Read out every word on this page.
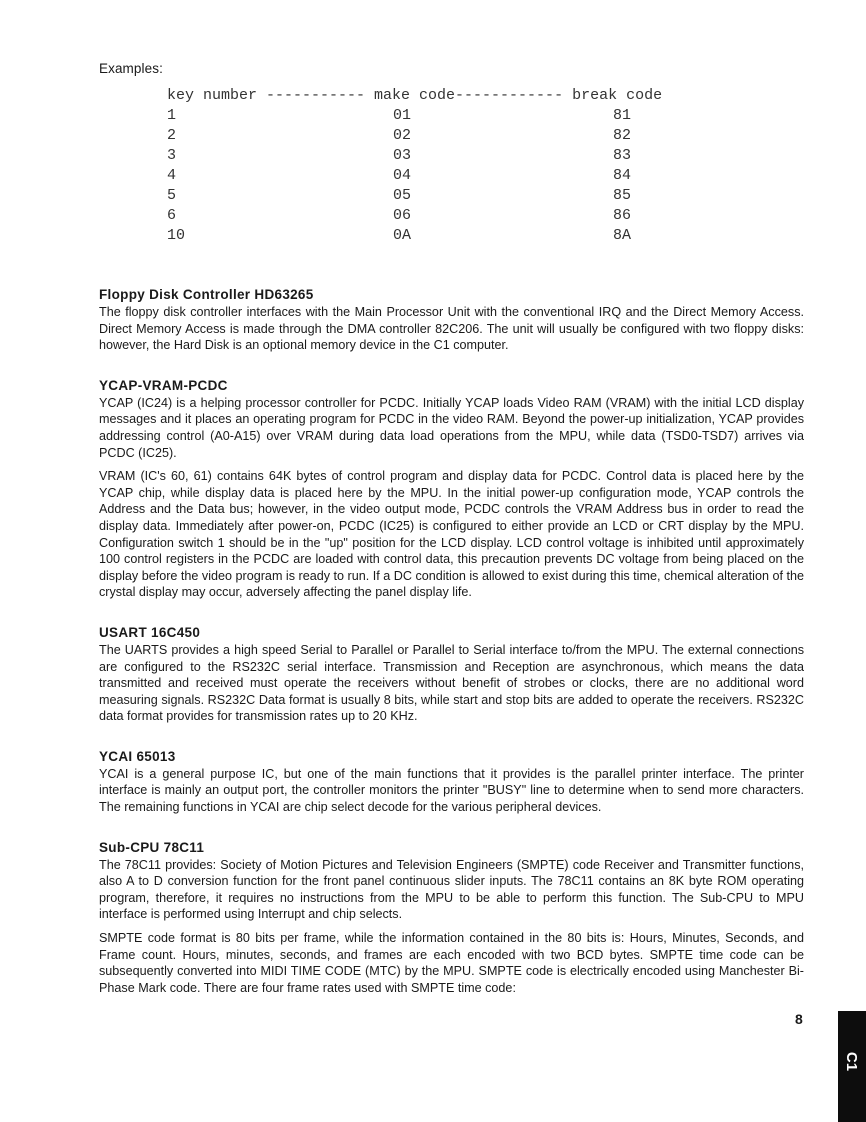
Examples:
key number ----------- make code------------ break code
1	01	81
2	02	82
3	03	83
4	04	84
5	05	85
6	06	86
10	0A	8A
Floppy Disk Controller HD63265

The floppy disk controller interfaces with the Main Processor Unit with the conventional IRQ and the Direct Memory Access. Direct Memory Access is made through the DMA controller 82C206. The unit will usually be configured with two floppy disks: however, the Hard Disk is an optional memory device in the C1 computer.

YCAP-VRAM-PCDC

YCAP (IC24) is a helping processor controller for PCDC. Initially YCAP loads Video RAM (VRAM) with the initial LCD display messages and it places an operating program for PCDC in the video RAM. Beyond the power-up initialization, YCAP provides addressing control (A0-A15) over VRAM during data load operations from the MPU, while data (TSD0-TSD7) arrives via PCDC (IC25).

VRAM (IC's 60, 61) contains 64K bytes of control program and display data for PCDC. Control data is placed here by the YCAP chip, while display data is placed here by the MPU. In the initial power-up configuration mode, YCAP controls the Address and the Data bus; however, in the video output mode, PCDC controls the VRAM Address bus in order to read the display data. Immediately after power-on, PCDC (IC25) is configured to either provide an LCD or CRT display by the MPU. Configuration switch 1 should be in the "up" position for the LCD display. LCD control voltage is inhibited until approximately 100 control registers in the PCDC are loaded with control data, this precaution prevents DC voltage from being placed on the display before the video program is ready to run. If a DC condition is allowed to exist during this time, chemical alteration of the crystal display may occur, adversely affecting the panel display life.

USART 16C450

The UARTS provides a high speed Serial to Parallel or Parallel to Serial interface to/from the MPU. The external connections are configured to the RS232C serial interface. Transmission and Reception are asynchronous, which means the data transmitted and received must operate the receivers without benefit of strobes or clocks, there are no additional word measuring signals. RS232C Data format is usually 8 bits, while start and stop bits are added to operate the receivers. RS232C data format provides for transmission rates up to 20 KHz.

YCAI 65013

YCAI is a general purpose IC, but one of the main functions that it provides is the parallel printer interface. The printer interface is mainly an output port, the controller monitors the printer "BUSY" line to determine when to send more characters. The remaining functions in YCAI are chip select decode for the various peripheral devices.

Sub-CPU 78C11

The 78C11 provides: Society of Motion Pictures and Television Engineers (SMPTE) code Receiver and Transmitter functions, also A to D conversion function for the front panel continuous slider inputs. The 78C11 contains an 8K byte ROM operating program, therefore, it requires no instructions from the MPU to be able to perform this function. The Sub-CPU to MPU interface is performed using Interrupt and chip selects.

SMPTE code format is 80 bits per frame, while the information contained in the 80 bits is: Hours, Minutes, Seconds, and Frame count. Hours, minutes, seconds, and frames are each encoded with two BCD bytes. SMPTE time code can be subsequently converted into MIDI TIME CODE (MTC) by the MPU. SMPTE code is electrically encoded using Manchester Bi-Phase Mark code. There are four frame rates used with SMPTE time code:

8
C1
